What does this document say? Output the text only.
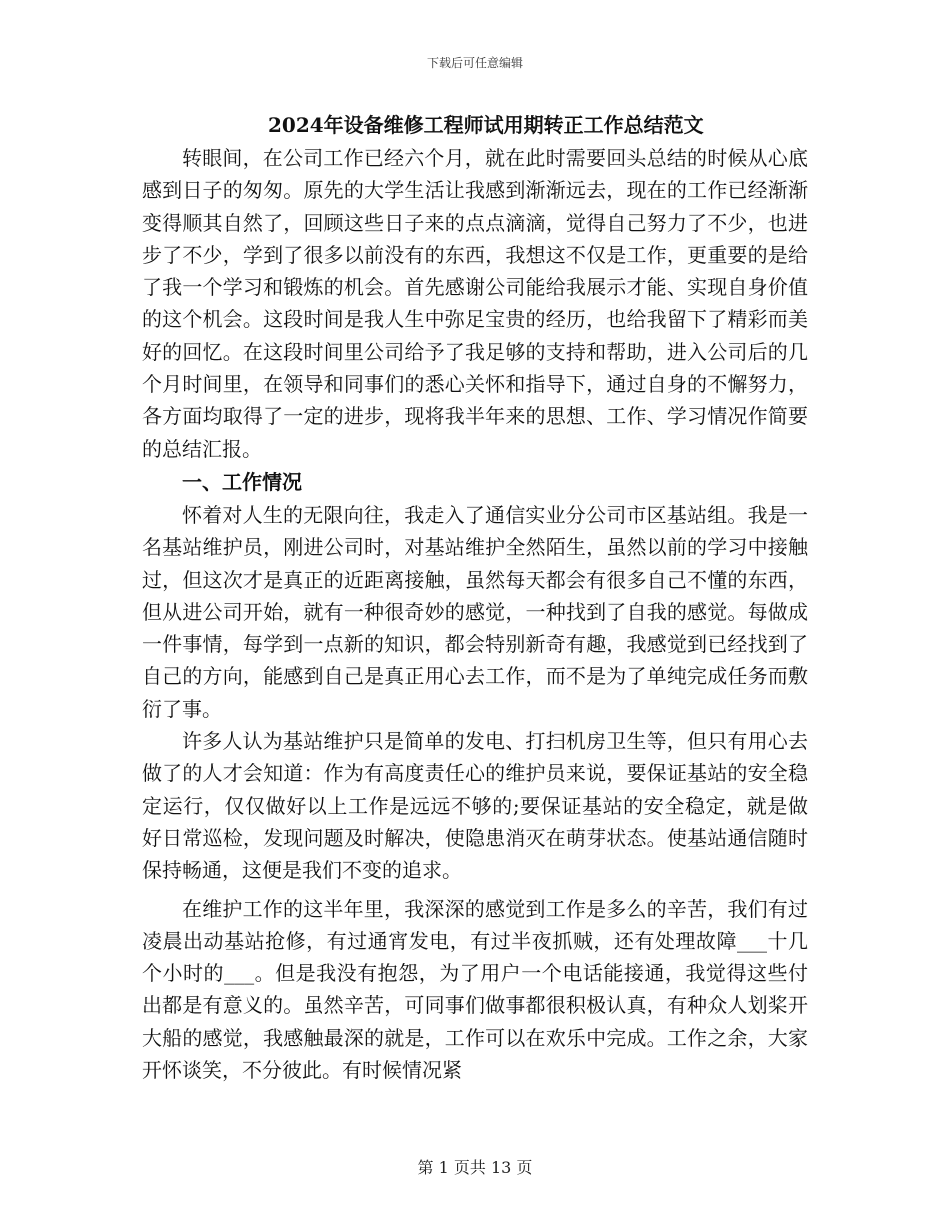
下载后可任意编辑
2024年设备维修工程师试用期转正工作总结范文

转眼间，在公司工作已经六个月，就在此时需要回头总结的时候从心底感到日子的匆匆。原先的大学生活让我感到渐渐远去，现在的工作已经渐渐变得顺其自然了，回顾这些日子来的点点滴滴，觉得自己努力了不少，也进步了不少，学到了很多以前没有的东西，我想这不仅是工作，更重要的是给了我一个学习和锻炼的机会。首先感谢公司能给我展示才能、实现自身价值的这个机会。这段时间是我人生中弥足宝贵的经历，也给我留下了精彩而美好的回忆。在这段时间里公司给予了我足够的支持和帮助，进入公司后的几个月时间里，在领导和同事们的悉心关怀和指导下，通过自身的不懈努力，各方面均取得了一定的进步，现将我半年来的思想、工作、学习情况作简要的总结汇报。

一、工作情况

怀着对人生的无限向往，我走入了通信实业分公司市区基站组。我是一名基站维护员，刚进公司时，对基站维护全然陌生，虽然以前的学习中接触过，但这次才是真正的近距离接触，虽然每天都会有很多自己不懂的东西，但从进公司开始，就有一种很奇妙的感觉，一种找到了自我的感觉。每做成一件事情，每学到一点新的知识，都会特别新奇有趣，我感觉到已经找到了自己的方向，能感到自己是真正用心去工作，而不是为了单纯完成任务而敷衍了事。

许多人认为基站维护只是简单的发电、打扫机房卫生等，但只有用心去做了的人才会知道：作为有高度责任心的维护员来说，要保证基站的安全稳定运行，仅仅做好以上工作是远远不够的;要保证基站的安全稳定，就是做好日常巡检，发现问题及时解决，使隐患消灭在萌芽状态。使基站通信随时保持畅通，这便是我们不变的追求。

在维护工作的这半年里，我深深的感觉到工作是多么的辛苦，我们有过凌晨出动基站抢修，有过通宵发电，有过半夜抓贼，还有处理故障___十几个小时的___。但是我没有抱怨，为了用户一个电话能接通，我觉得这些付出都是有意义的。虽然辛苦，可同事们做事都很积极认真，有种众人划桨开大船的感觉，我感触最深的就是，工作可以在欢乐中完成。工作之余，大家开怀谈笑，不分彼此。有时候情况紧

第 1 页共 13 页
